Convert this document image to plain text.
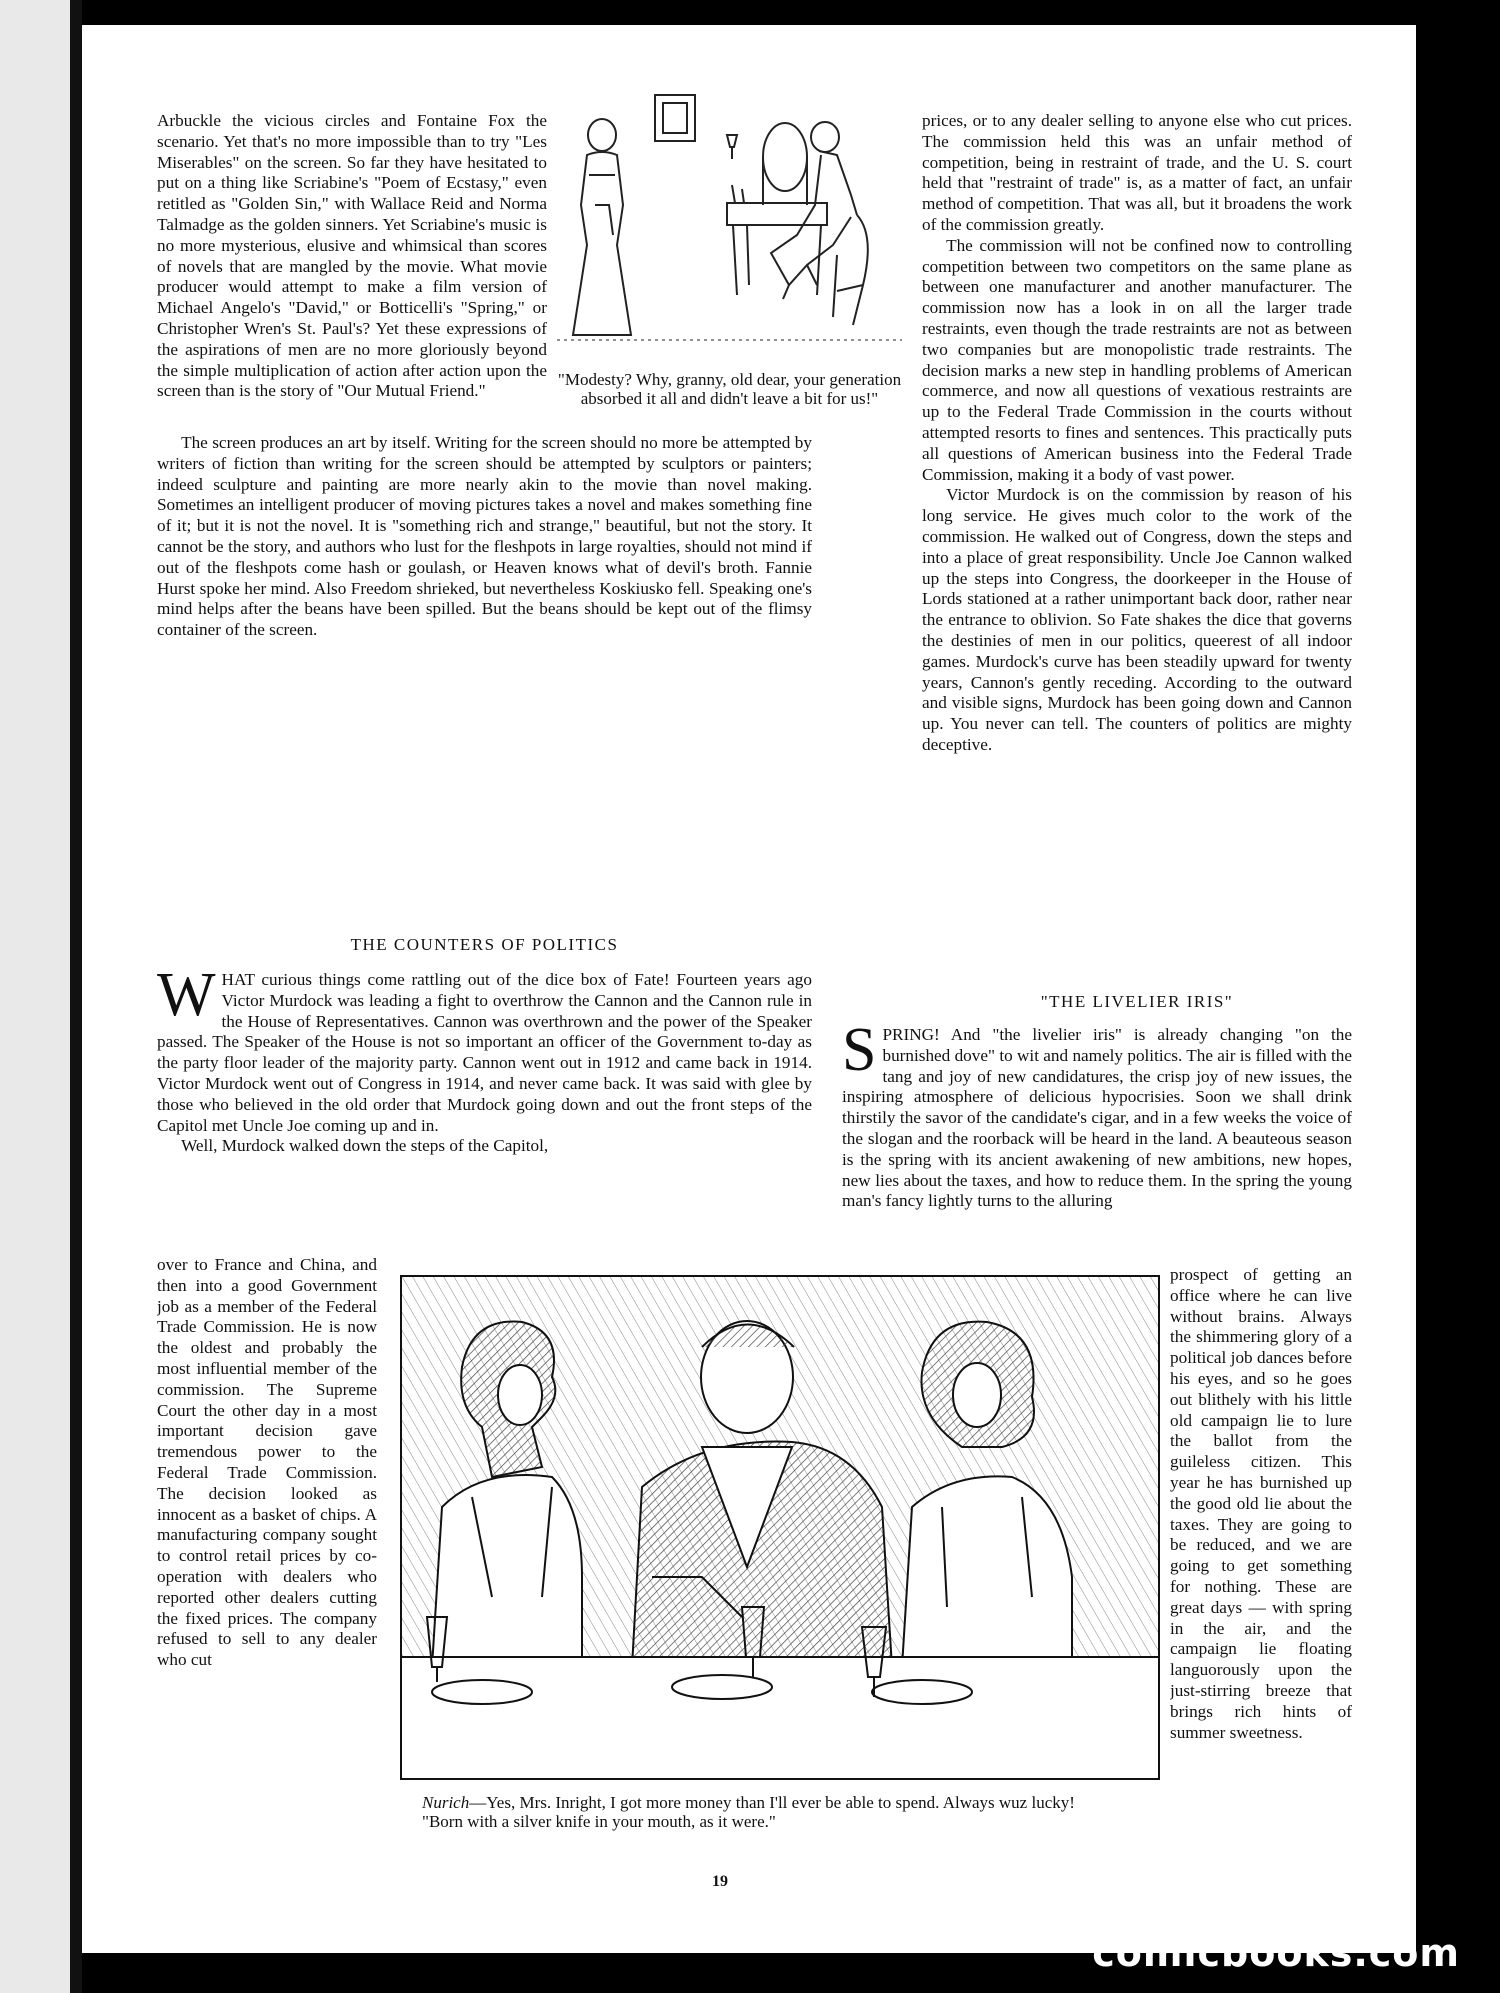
Arbuckle the vicious circles and Fontaine Fox the scenario. Yet that's no more impossible than to try "Les Miserables" on the screen. So far they have hesitated to put on a thing like Scriabine's "Poem of Ecstasy," even retitled as "Golden Sin," with Wallace Reid and Norma Talmadge as the golden sinners. Yet Scriabine's music is no more mysterious, elusive and whimsical than scores of novels that are mangled by the movie. What movie producer would attempt to make a film version of Michael Angelo's "David," or Botticelli's "Spring," or Christopher Wren's St. Paul's? Yet these expressions of the aspirations of men are no more gloriously beyond the simple multiplication of action after action upon the screen than is the story of "Our Mutual Friend."

The screen produces an art by itself. Writing for the screen should no more be attempted by writers of fiction than writing for the screen should be attempted by sculptors or painters; indeed sculpture and painting are more nearly akin to the movie than novel making. Sometimes an intelligent producer of moving pictures takes a novel and makes something fine of it; but it is not the novel. It is "something rich and strange," beautiful, but not the story. It cannot be the story, and authors who lust for the fleshpots in large royalties, should not mind if out of the fleshpots come hash or goulash, or Heaven knows what of devil's broth. Fannie Hurst spoke her mind. Also Freedom shrieked, but nevertheless Koskiusko fell. Speaking one's mind helps after the beans have been spilled. But the beans should be kept out of the flimsy container of the screen.

"Modesty? Why, granny, old dear, your generation absorbed it all and didn't leave a bit for us!"

prices, or to any dealer selling to anyone else who cut prices. The commission held this was an unfair method of competition, being in restraint of trade, and the U. S. court held that "restraint of trade" is, as a matter of fact, an unfair method of competition. That was all, but it broadens the work of the commission greatly.

The commission will not be confined now to controlling competition between two competitors on the same plane as between one manufacturer and another manufacturer. The commission now has a look in on all the larger trade restraints, even though the trade restraints are not as between two companies but are monopolistic trade restraints. The decision marks a new step in handling problems of American commerce, and now all questions of vexatious restraints are up to the Federal Trade Commission in the courts without attempted resorts to fines and sentences. This practically puts all questions of American business into the Federal Trade Commission, making it a body of vast power.

Victor Murdock is on the commission by reason of his long service. He gives much color to the work of the commission. He walked out of Congress, down the steps and into a place of great responsibility. Uncle Joe Cannon walked up the steps into Congress, the doorkeeper in the House of Lords stationed at a rather unimportant back door, rather near the entrance to oblivion. So Fate shakes the dice that governs the destinies of men in our politics, queerest of all indoor games. Murdock's curve has been steadily upward for twenty years, Cannon's gently receding. According to the outward and visible signs, Murdock has been going down and Cannon up. You never can tell. The counters of politics are mighty deceptive.

THE COUNTERS OF POLITICS

W HAT curious things come rattling out of the dice box of Fate! Fourteen years ago Victor Murdock was leading a fight to overthrow the Cannon and the Cannon rule in the House of Representatives. Cannon was overthrown and the power of the Speaker passed. The Speaker of the House is not so important an officer of the Government to-day as the party floor leader of the majority party. Cannon went out in 1912 and came back in 1914. Victor Murdock went out of Congress in 1914, and never came back. It was said with glee by those who believed in the old order that Murdock going down and out the front steps of the Capitol met Uncle Joe coming up and in.

Well, Murdock walked down the steps of the Capitol,

over to France and China, and then into a good Government job as a member of the Federal Trade Commission. He is now the oldest and probably the most influential member of the commission. The Supreme Court the other day in a most important decision gave tremendous power to the Federal Trade Commission. The decision looked as innocent as a basket of chips. A manufacturing company sought to control retail prices by co-operation with dealers who reported other dealers cutting the fixed prices. The company refused to sell to any dealer who cut

"THE LIVELIER IRIS"

S PRING! And "the livelier iris" is already changing "on the burnished dove" to wit and namely politics. The air is filled with the tang and joy of new candidatures, the crisp joy of new issues, the inspiring atmosphere of delicious hypocrisies. Soon we shall drink thirstily the savor of the candidate's cigar, and in a few weeks the voice of the slogan and the roorback will be heard in the land. A beauteous season is the spring with its ancient awakening of new ambitions, new hopes, new lies about the taxes, and how to reduce them. In the spring the young man's fancy lightly turns to the alluring

prospect of getting an office where he can live without brains. Always the shimmering glory of a political job dances before his eyes, and so he goes out blithely with his little old campaign lie to lure the ballot from the guileless citizen. This year he has burnished up the good old lie about the taxes. They are going to be reduced, and we are going to get something for nothing. These are great days — with spring in the air, and the campaign lie floating languorously upon the just-stirring breeze that brings rich hints of summer sweetness.

Nurich—Yes, Mrs. Inright, I got more money than I'll ever be able to spend. Always wuz lucky!
"Born with a silver knife in your mouth, as it were."
19
comicbooks.com
